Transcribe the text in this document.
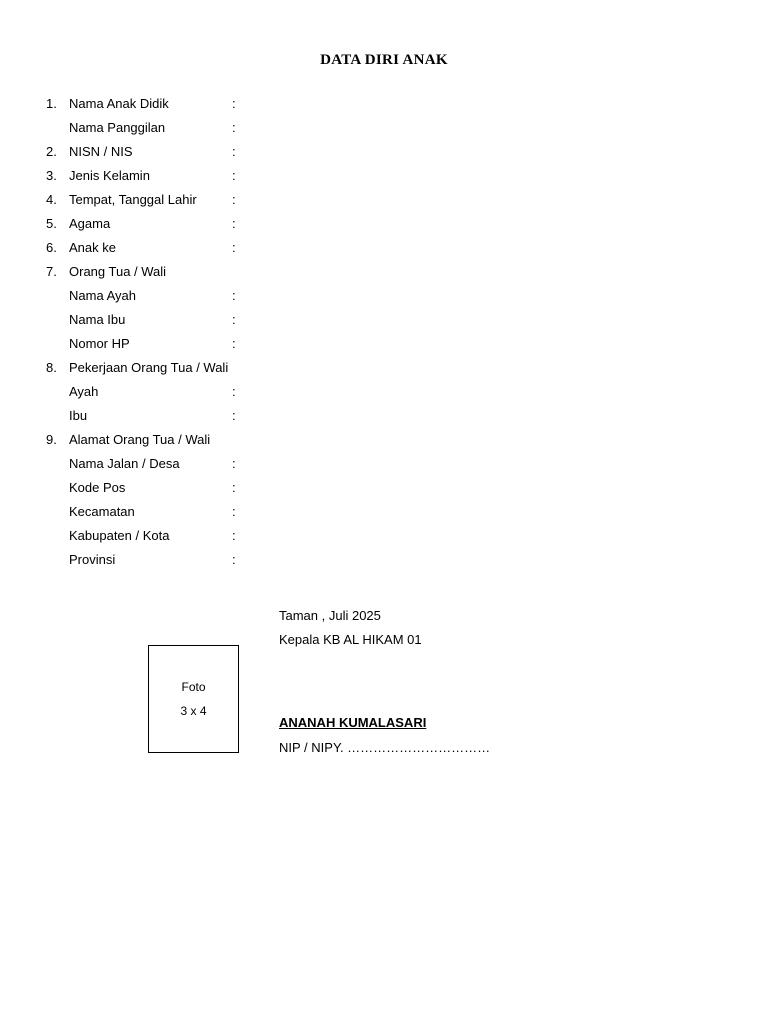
DATA DIRI ANAK
1. Nama Anak Didik	:
Nama Panggilan	:
2. NISN / NIS	:
3. Jenis Kelamin	:
4. Tempat, Tanggal Lahir	:
5. Agama	:
6. Anak ke	:
7. Orang Tua / Wali
Nama Ayah	:
Nama Ibu	:
Nomor HP	:
8. Pekerjaan Orang Tua / Wali
Ayah	:
Ibu	:
9. Alamat Orang Tua / Wali
Nama Jalan / Desa	:
Kode Pos	:
Kecamatan	:
Kabupaten / Kota	:
Provinsi	:
Foto
3 x 4
Taman , Juli 2025
Kepala KB AL HIKAM 01
ANANAH KUMALASARI
NIP / NIPY. ……………………………
